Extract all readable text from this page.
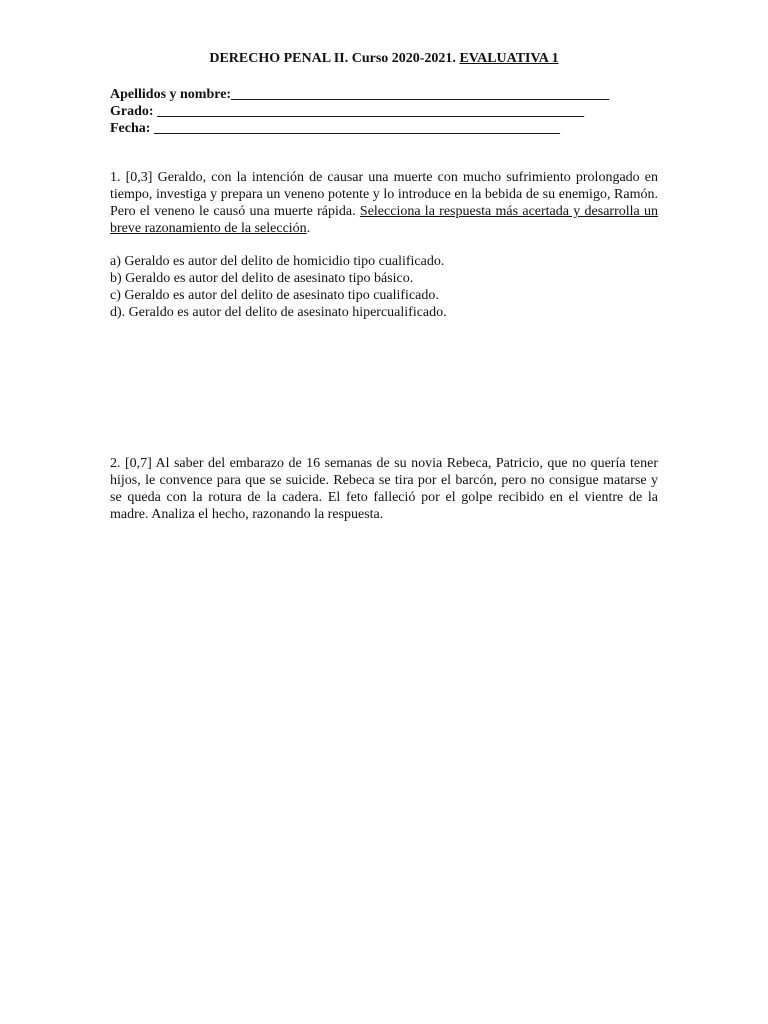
DERECHO PENAL II. Curso 2020-2021. EVALUATIVA 1
Apellidos y nombre:______________________________________________________
Grado: _____________________________________________________________
Fecha: __________________________________________________________
1. [0,3] Geraldo, con la intención de causar una muerte con mucho sufrimiento prolongado en tiempo, investiga y prepara un veneno potente y lo introduce en la bebida de su enemigo, Ramón. Pero el veneno le causó una muerte rápida. Selecciona la respuesta más acertada y desarrolla un breve razonamiento de la selección.
a) Geraldo es autor del delito de homicidio tipo cualificado.
b) Geraldo es autor del delito de asesinato tipo básico.
c) Geraldo es autor del delito de asesinato tipo cualificado.
d). Geraldo es autor del delito de asesinato hipercualificado.
2. [0,7] Al saber del embarazo de 16 semanas de su novia Rebeca, Patricio, que no quería tener hijos, le convence para que se suicide. Rebeca se tira por el barcón, pero no consigue matarse y se queda con la rotura de la cadera. El feto falleció por el golpe recibido en el vientre de la madre. Analiza el hecho, razonando la respuesta.
